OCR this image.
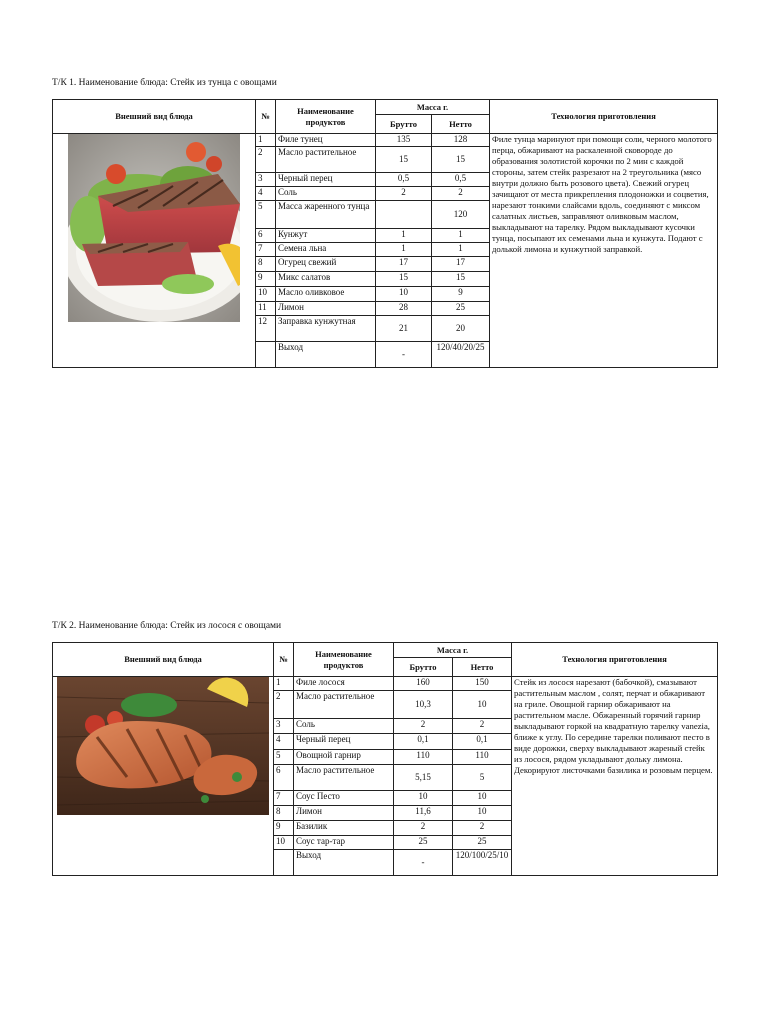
Т/К 1. Наименование блюда: Стейк из тунца с овощами
Внешний вид блюда	№	Наименование продуктов	Масса г.		Технология приготовления
			Брутто	Нетто	

	1	Филе тунец	135	128	Филе тунца маринуют при помощи соли, черного молотого перца, обжаривают на раскаленной сковороде до образования золотистой корочки по 2 мин с каждой стороны, затем стейк разрезают на 2 треугольника (мясо внутри должно быть розового цвета). Свежий огурец зачищают от места прикрепления плодоножки и соцветия, нарезают тонкими слайсами вдоль, соединяют с миксом салатных листьев, заправляют оливковым маслом, выкладывают на тарелку. Рядом выкладывают кусочки тунца, посыпают их семенами льна и кунжута. Подают с долькой лимона и кунжутной заправкой.

	2	Масло растительное	15	15	
	3	Черный перец	0,5	0,5	
	4	Соль	2	2	
	5	Масса жаренного тунца		120	
	6	Кунжут	1	1	
	7	Семена льна	1	1	
	8	Огурец свежий	17	17	
	9	Микс салатов	15	15	
	10	Масло оливковое	10	9	
	11	Лимон	28	25	
	12	Заправка кунжутная	21	20	
		Выход	-	120/40/20/25	
Т/К 2. Наименование блюда: Стейк из лосося с овощами
Внешний вид блюда	№	Наименование продуктов	Масса г.		Технология приготовления
			Брутто	Нетто	

	1	Филе лосося	160	150	Стейк из лосося нарезают (бабочкой), смазывают растительным маслом , солят, перчат и обжаривают на гриле. Овощной гарнир обжаривают на растительном масле. Обжаренный горячий гарнир выкладывают горкой на квадратную тарелку vanezia, ближе к углу. По середине тарелки поливают песто в виде дорожки, сверху выкладывают жареный стейк из лосося, рядом укладывают дольку лимона. Декорируют листочками базилика и розовым перцем.

	2	Масло растительное	10,3	10	
	3	Соль	2	2	
	4	Черный перец	0,1	0,1	
	5	Овощной гарнир	110	110	
	6	Масло растительное	5,15	5	
	7	Соус Песто	10	10	
	8	Лимон	11,6	10	
	9	Базилик	2	2	
	10	Соус тар-тар	25	25	
		Выход	-	120/100/25/10	
